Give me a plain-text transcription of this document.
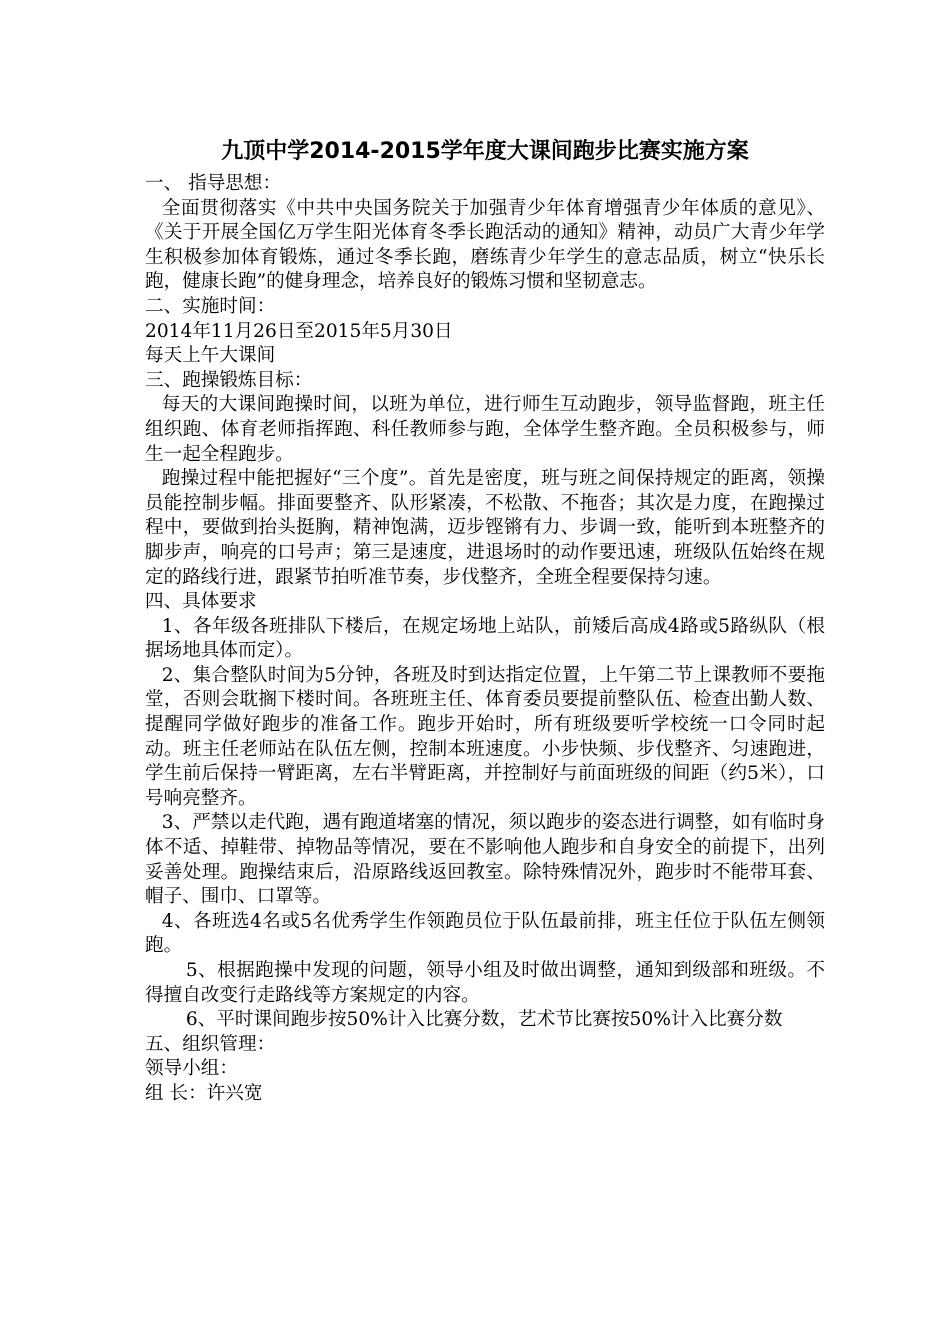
九顶中学2014-2015学年度大课间跑步比赛实施方案

一、 指导思想：

全面贯彻落实《中共中央国务院关于加强青少年体育增强青少年体质的意见》、《关于开展全国亿万学生阳光体育冬季长跑活动的通知》精神，动员广大青少年学生积极参加体育锻炼，通过冬季长跑，磨练青少年学生的意志品质，树立“快乐长跑，健康长跑”的健身理念，培养良好的锻炼习惯和坚韧意志。

二、实施时间：

2014年11月26日至2015年5月30日

每天上午大课间

三、跑操锻炼目标：

每天的大课间跑操时间，以班为单位，进行师生互动跑步，领导监督跑，班主任组织跑、体育老师指挥跑、科任教师参与跑，全体学生整齐跑。全员积极参与，师生一起全程跑步。

跑操过程中能把握好“三个度”。首先是密度，班与班之间保持规定的距离，领操员能控制步幅。排面要整齐、队形紧凑，不松散、不拖沓；其次是力度，在跑操过程中，要做到抬头挺胸，精神饱满，迈步铿锵有力、步调一致，能听到本班整齐的脚步声，响亮的口号声；第三是速度，进退场时的动作要迅速，班级队伍始终在规定的路线行进，跟紧节拍听准节奏，步伐整齐，全班全程要保持匀速。

四、具体要求

1、各年级各班排队下楼后，在规定场地上站队，前矮后高成4路或5路纵队（根据场地具体而定）。

2、集合整队时间为5分钟，各班及时到达指定位置，上午第二节上课教师不要拖堂，否则会耽搁下楼时间。各班班主任、体育委员要提前整队伍、检查出勤人数、提醒同学做好跑步的准备工作。跑步开始时，所有班级要听学校统一口令同时起动。班主任老师站在队伍左侧，控制本班速度。小步快频、步伐整齐、匀速跑进，学生前后保持一臂距离，左右半臂距离，并控制好与前面班级的间距（约5米），口号响亮整齐。

3、严禁以走代跑，遇有跑道堵塞的情况，须以跑步的姿态进行调整，如有临时身体不适、掉鞋带、掉物品等情况，要在不影响他人跑步和自身安全的前提下，出列妥善处理。跑操结束后，沿原路线返回教室。除特殊情况外，跑步时不能带耳套、帽子、围巾、口罩等。

4、各班选4名或5名优秀学生作领跑员位于队伍最前排，班主任位于队伍左侧领跑。

5、根据跑操中发现的问题，领导小组及时做出调整，通知到级部和班级。不得擅自改变行走路线等方案规定的内容。

6、平时课间跑步按50%计入比赛分数，艺术节比赛按50%计入比赛分数

五、组织管理：

领导小组：

组 长：许兴宽
